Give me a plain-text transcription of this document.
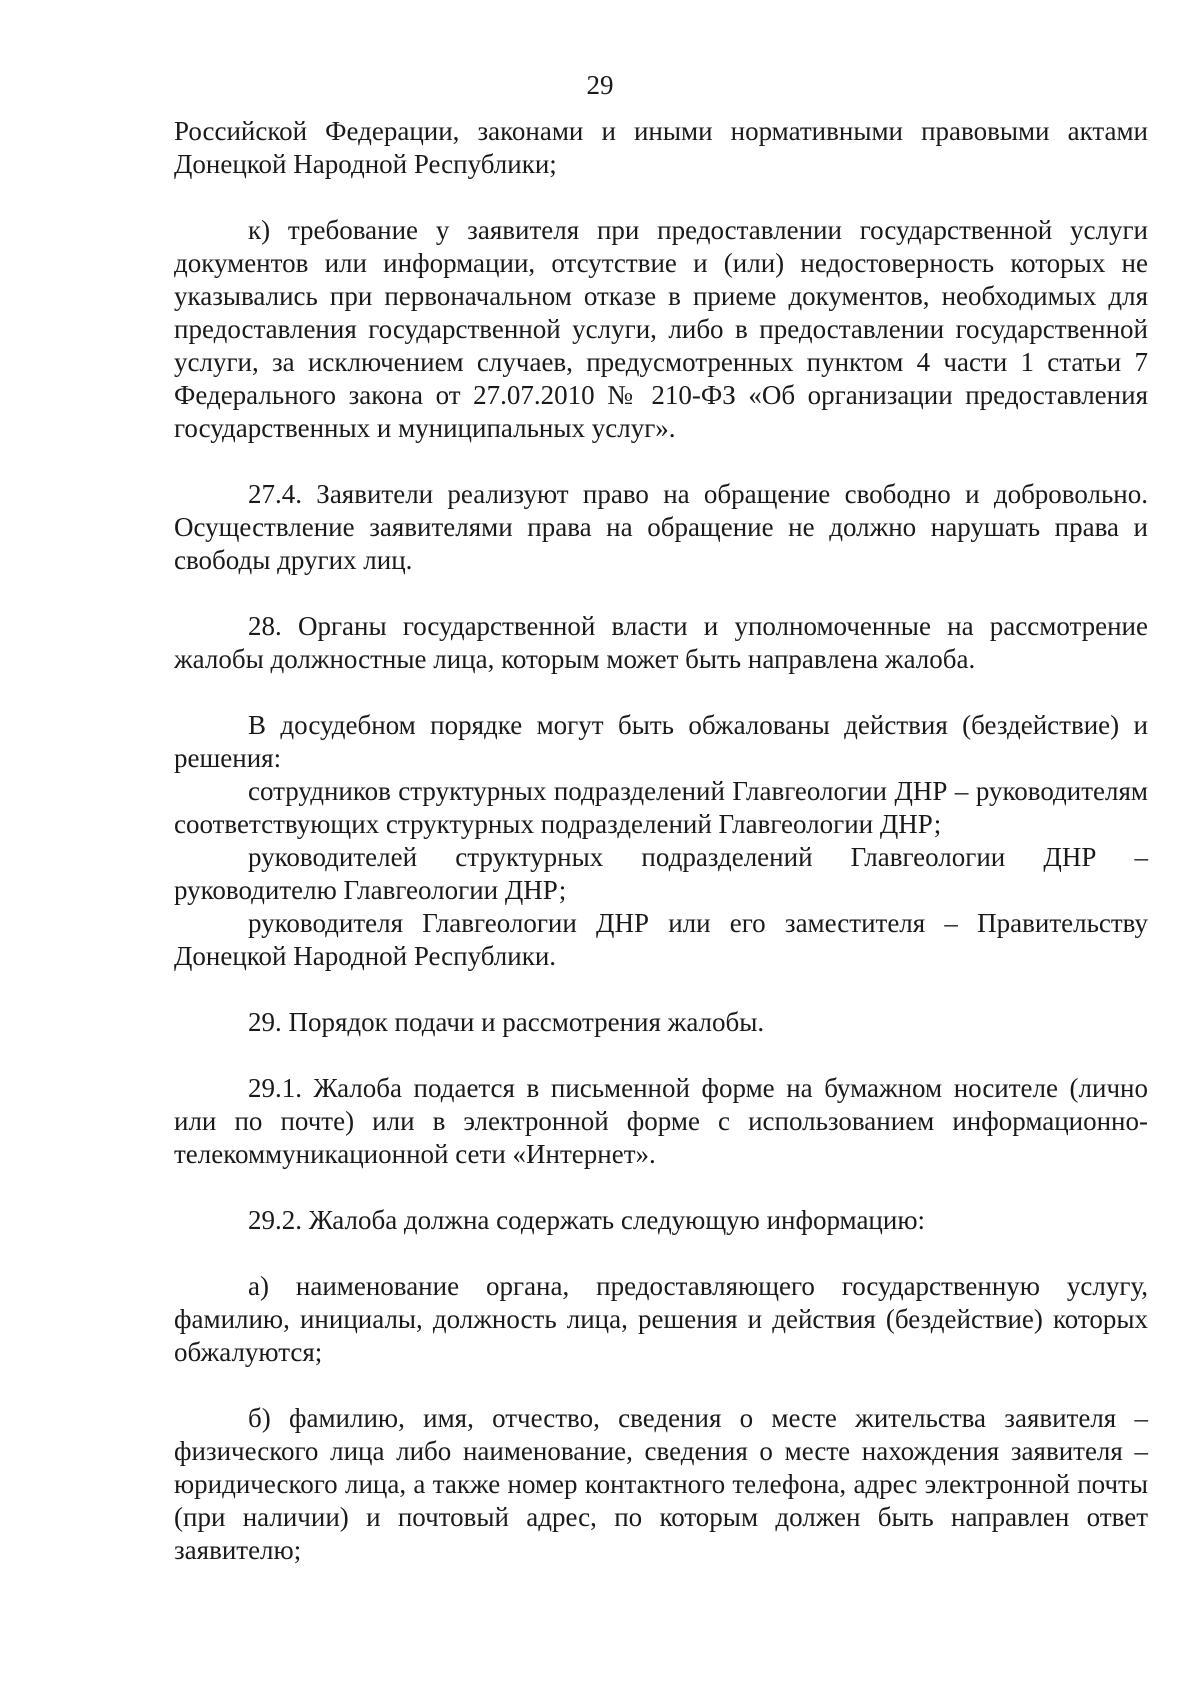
29

Российской Федерации, законами и иными нормативными правовыми актами Донецкой Народной Республики;

к) требование у заявителя при предоставлении государственной услуги документов или информации, отсутствие и (или) недостоверность которых не указывались при первоначальном отказе в приеме документов, необходимых для предоставления государственной услуги, либо в предоставлении государственной услуги, за исключением случаев, предусмотренных пунктом 4 части 1 статьи 7 Федерального закона от 27.07.2010 № 210-ФЗ «Об организации предоставления государственных и муниципальных услуг».

27.4. Заявители реализуют право на обращение свободно и добровольно. Осуществление заявителями права на обращение не должно нарушать права и свободы других лиц.

28. Органы государственной власти и уполномоченные на рассмотрение жалобы должностные лица, которым может быть направлена жалоба.

В досудебном порядке могут быть обжалованы действия (бездействие) и решения:

сотрудников структурных подразделений Главгеологии ДНР – руководителям соответствующих структурных подразделений Главгеологии ДНР;

руководителей структурных подразделений Главгеологии ДНР – руководителю Главгеологии ДНР;

руководителя Главгеологии ДНР или его заместителя – Правительству Донецкой Народной Республики.

29. Порядок подачи и рассмотрения жалобы.

29.1. Жалоба подается в письменной форме на бумажном носителе (лично или по почте) или в электронной форме с использованием информационно-телекоммуникационной сети «Интернет».

29.2. Жалоба должна содержать следующую информацию:

а) наименование органа, предоставляющего государственную услугу, фамилию, инициалы, должность лица, решения и действия (бездействие) которых обжалуются;

б) фамилию, имя, отчество, сведения о месте жительства заявителя – физического лица либо наименование, сведения о месте нахождения заявителя – юридического лица, а также номер контактного телефона, адрес электронной почты (при наличии) и почтовый адрес, по которым должен быть направлен ответ заявителю;
